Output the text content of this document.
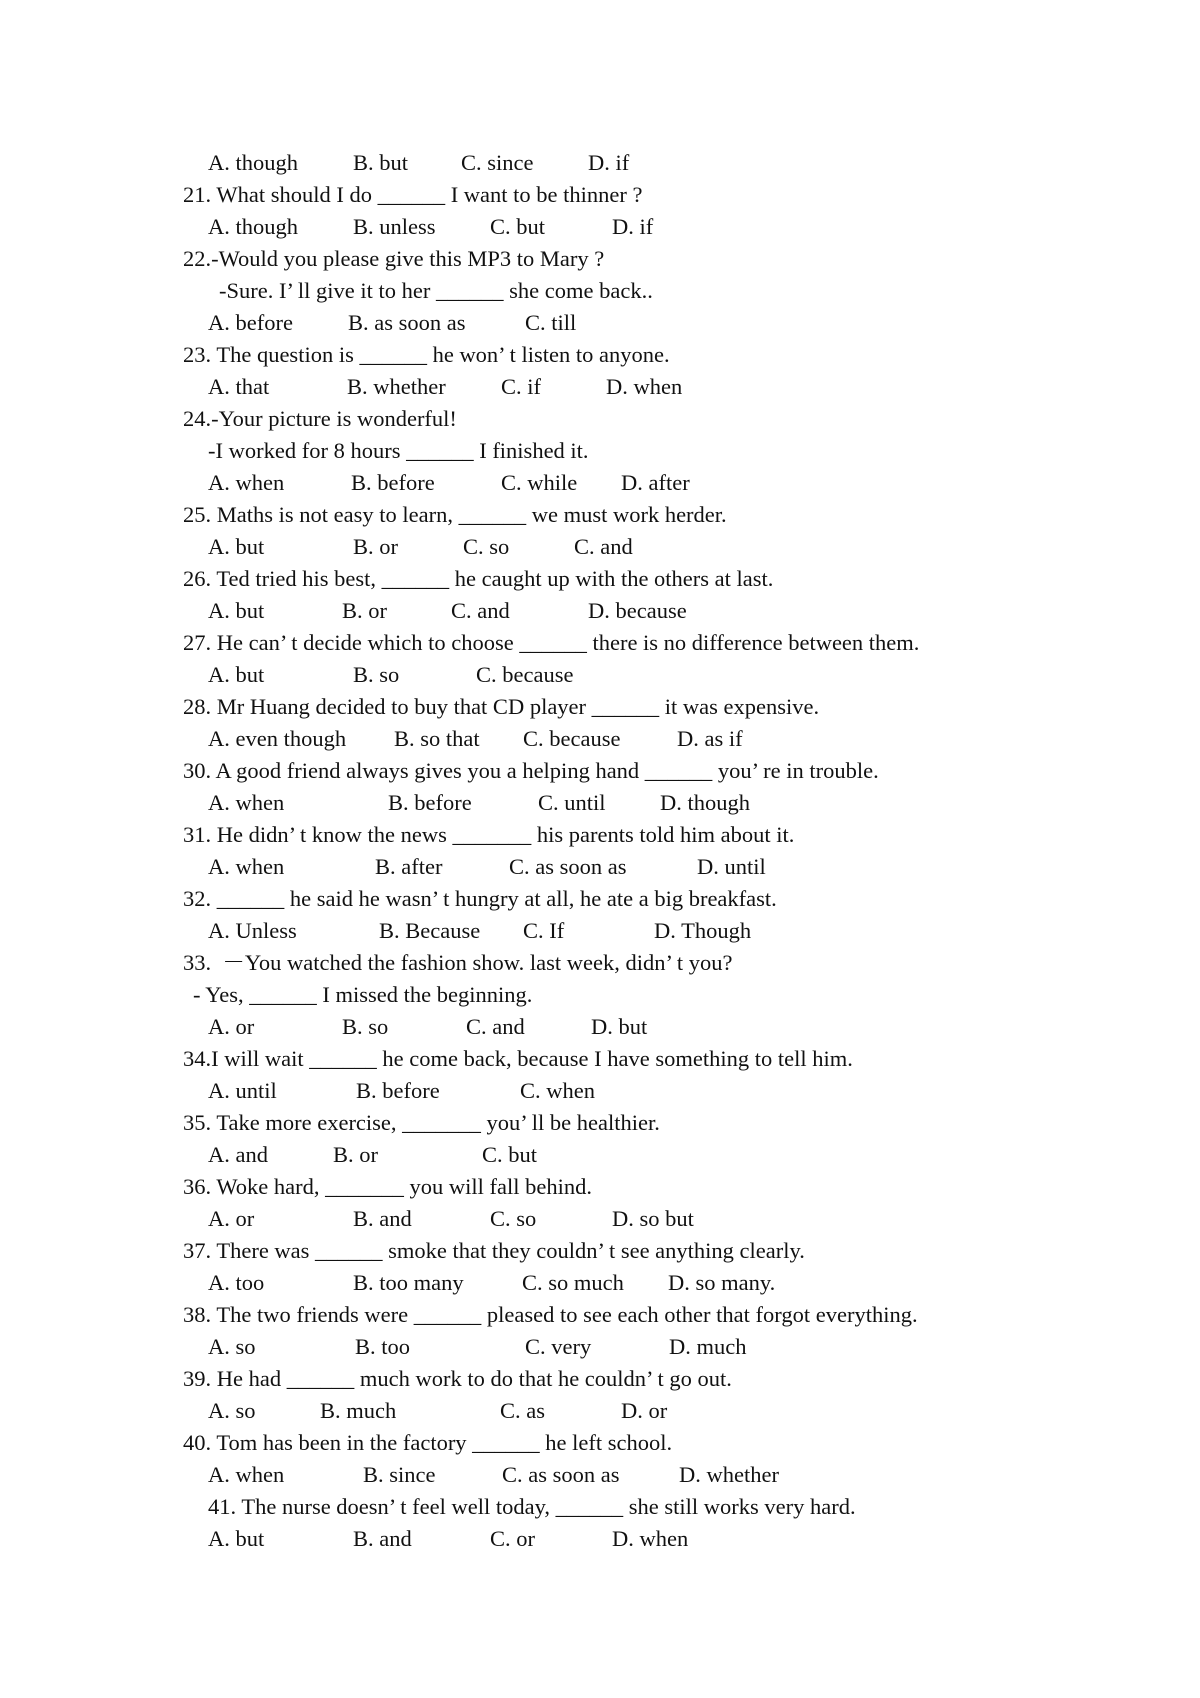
A. though B. but C. since D. if
21. What should I do ______ I want to be thinner ?
A. though B. unless C. but	D. if
22.-Would you please give this MP3 to Mary ?
-Sure. I’ ll give it to her ______ she come back..
A. before B. as soon as	C. till
23. The question is ______ he won’ t listen to anyone.
A. that	B. whether C. if	D. when
24.-Your picture is wonderful!
-I worked for 8 hours ______ I finished it.
A. when	B. before	C. while D. after
25. Maths is not easy to learn, ______ we must work herder.
A. but	B. or	C. so	C. and
26. Ted tried his best, ______ he caught up with the others at last.
A. but	B. or	C. and	D. because
27. He can’ t decide which to choose ______ there is no difference between them.
A. but	B. so	C. because
28. Mr Huang decided to buy that CD player ______ it was expensive.
A. even though B. so that C. because	D. as if
30. A good friend always gives you a helping hand ______ you’ re in trouble.
A. when	B. before	C. until D. though
31. He didn’ t know the news _______ his parents told him about it.
A. when	B. after	C. as soon as	D. until
32. ______ he said he wasn’ t hungry at all, he ate a big breakfast.
A. Unless	B. Because C. If	D. Though
33.  －You watched the fashion show. last week, didn’ t you?
- Yes, ______ I missed the beginning.
A. or	B. so	C. and	D. but
34.I will wait ______ he come back, because I have something to tell him.
A. until	B. before	C. when
35. Take more exercise, _______ you’ ll be healthier.
A. and	B. or	C. but
36. Woke hard, _______ you will fall behind.
A. or	B. and	C. so	D. so but
37. There was ______ smoke that they couldn’ t see anything clearly.
A. too	B. too many	C. so much D. so many.
38. The two friends were ______ pleased to see each other that forgot everything.
A. so	B. too	C. very	D. much
39. He had ______ much work to do that he couldn’ t go out.
A. so	B. much	C. as	D. or
40. Tom has been in the factory ______ he left school.
A. when	B. since	C. as soon as	D. whether
41. The nurse doesn’ t feel well today, ______ she still works very hard.
A. but	B. and	C. or	D. when
